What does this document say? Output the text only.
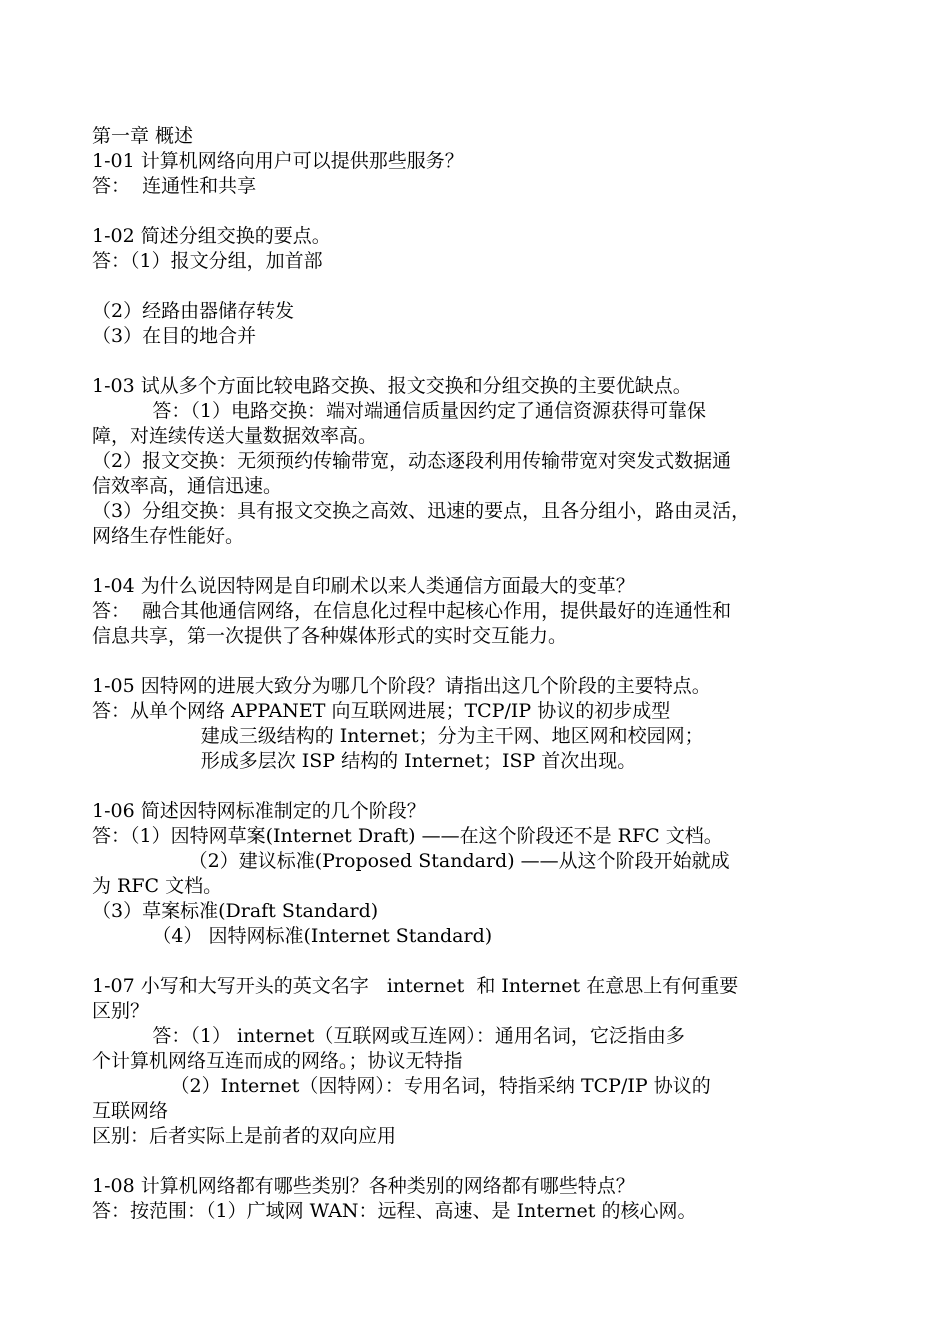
第一章 概述
1-01 计算机网络向用户可以提供那些服务？
答：  连通性和共享
1-02 简述分组交换的要点。
答：（1）报文分组，加首部
（2）经路由器储存转发
（3）在目的地合并
1-03 试从多个方面比较电路交换、报文交换和分组交换的主要优缺点。
答：（1）电路交换：端对端通信质量因约定了通信资源获得可靠保
障，对连续传送大量数据效率高。
（2）报文交换：无须预约传输带宽，动态逐段利用传输带宽对突发式数据通
信效率高，通信迅速。
（3）分组交换：具有报文交换之高效、迅速的要点，且各分组小，路由灵活，
网络生存性能好。
1-04 为什么说因特网是自印刷术以来人类通信方面最大的变革？
答：  融合其他通信网络，在信息化过程中起核心作用，提供最好的连通性和
信息共享，第一次提供了各种媒体形式的实时交互能力。
1-05 因特网的进展大致分为哪几个阶段？请指出这几个阶段的主要特点。
答：从单个网络 APPANET 向互联网进展；TCP/IP 协议的初步成型
建成三级结构的 Internet；分为主干网、地区网和校园网；
形成多层次 ISP 结构的 Internet；ISP 首次出现。
1-06 简述因特网标准制定的几个阶段？
答：（1）因特网草案(Internet Draft) ——在这个阶段还不是 RFC 文档。
（2）建议标准(Proposed Standard) ——从这个阶段开始就成
为 RFC 文档。
（3）草案标准(Draft Standard)
（4） 因特网标准(Internet Standard)
1-07 小写和大写开头的英文名字   internet  和 Internet 在意思上有何重要
区别？
答：（1） internet（互联网或互连网）：通用名词，它泛指由多
个计算机网络互连而成的网络。；协议无特指
（2）Internet（因特网）：专用名词，特指采纳 TCP/IP 协议的
互联网络
区别：后者实际上是前者的双向应用
1-08 计算机网络都有哪些类别？各种类别的网络都有哪些特点？
答：按范围：（1）广域网 WAN：远程、高速、是 Internet 的核心网。
